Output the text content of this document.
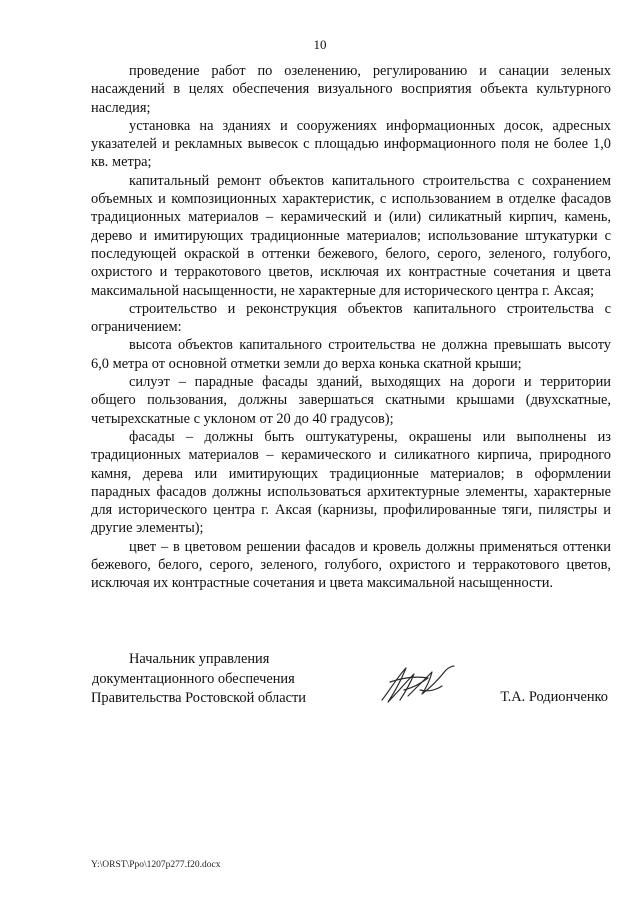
10

проведение работ по озеленению, регулированию и санации зеленых насаждений в целях обеспечения визуального восприятия объекта культурного наследия;

установка на зданиях и сооружениях информационных досок, адресных указателей и рекламных вывесок с площадью информационного поля не более 1,0 кв. метра;

капитальный ремонт объектов капитального строительства с сохранением объемных и композиционных характеристик, с использованием в отделке фасадов традиционных материалов – керамический и (или) силикатный кирпич, камень, дерево и имитирующих традиционные материалов; использование штукатурки с последующей окраской в оттенки бежевого, белого, серого, зеленого, голубого, охристого и терракотового цветов, исключая их контрастные сочетания и цвета максимальной насыщенности, не характерные для исторического центра г. Аксая;

строительство и реконструкция объектов капитального строительства с ограничением:

высота объектов капитального строительства не должна превышать высоту 6,0 метра от основной отметки земли до верха конька скатной крыши;

силуэт – парадные фасады зданий, выходящих на дороги и территории общего пользования, должны завершаться скатными крышами (двухскатные, четырехскатные с уклоном от 20 до 40 градусов);

фасады – должны быть оштукатурены, окрашены или выполнены из традиционных материалов – керамического и силикатного кирпича, природного камня, дерева или имитирующих традиционные материалов; в оформлении парадных фасадов должны использоваться архитектурные элементы, характерные для исторического центра г. Аксая (карнизы, профилированные тяги, пилястры и другие элементы);

цвет – в цветовом решении фасадов и кровель должны применяться оттенки бежевого, белого, серого, зеленого, голубого, охристого и терракотового цветов, исключая их контрастные сочетания и цвета максимальной насыщенности.

Начальник управления
документационного обеспечения
Правительства Ростовской области	Т.А. Родионченко
Y:\ORST\Ppo\1207p277.f20.docx
